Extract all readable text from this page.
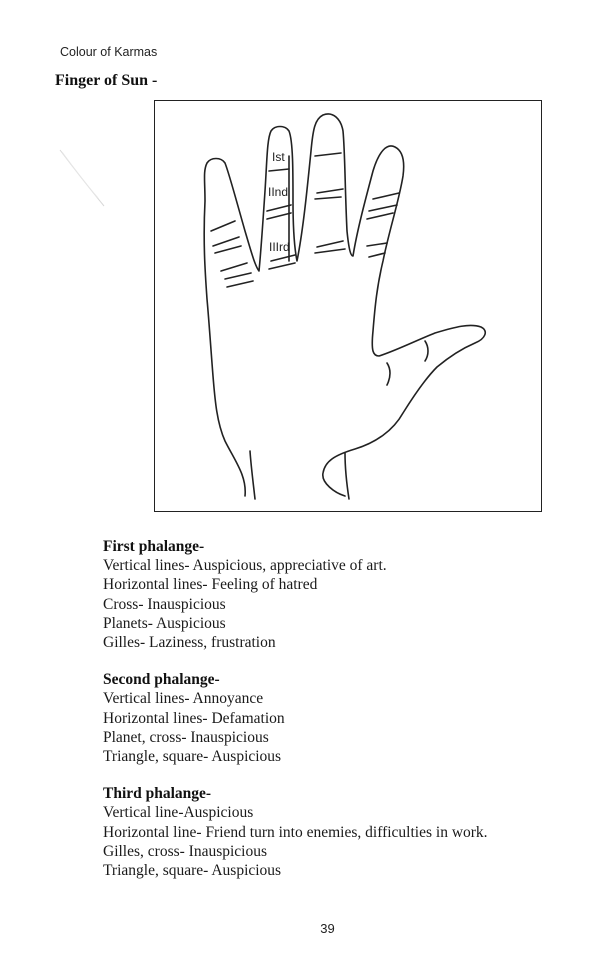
Colour of Karmas
Finger of Sun -
Ist
IInd
IIIrd
First phalange-
Vertical lines- Auspicious, appreciative of art.
Horizontal lines- Feeling of hatred
Cross- Inauspicious
Planets- Auspicious
Gilles- Laziness, frustration
Second phalange-
Vertical lines- Annoyance
Horizontal lines- Defamation
Planet, cross- Inauspicious
Triangle, square- Auspicious
Third phalange-
Vertical line-Auspicious
Horizontal line- Friend turn into enemies, difficulties in work.
Gilles, cross- Inauspicious
Triangle, square- Auspicious
39
